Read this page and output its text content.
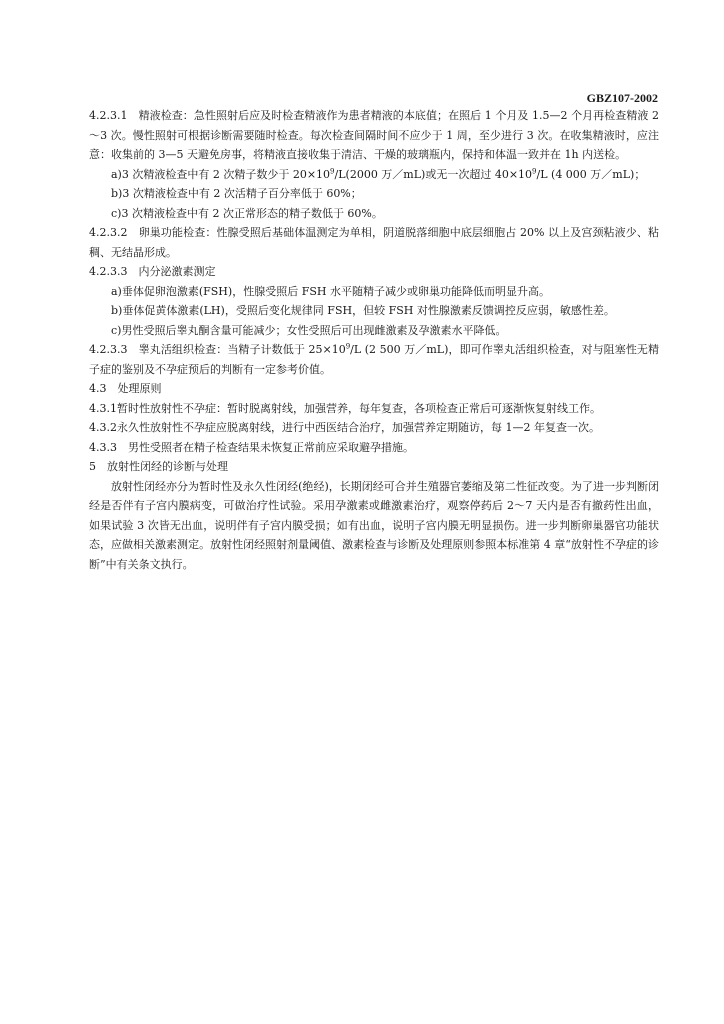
GBZ107-2002

4.2.3.1　精液检查：急性照射后应及时检查精液作为患者精液的本底值；在照后 1 个月及 1.5—2 个月再检查精液 2～3 次。慢性照射可根据诊断需要随时检查。每次检查间隔时间不应少于 1 周，至少进行 3 次。在收集精液时，应注意：收集前的 3—5 天避免房事，将精液直接收集于清洁、干燥的玻璃瓶内，保持和体温一致并在 1h 内送检。

a)3 次精液检查中有 2 次精子数少于 $20\times 10^9/L(2000$ 万／mL)或无一次超过 $40\times 10^9/L$ (4 000 万／mL)；

b)3 次精液检查中有 2 次活精子百分率低于 60%；

c)3 次精液检查中有 2 次正常形态的精子数低于 60%。

4.2.3.2　卵巢功能检查：性腺受照后基础体温测定为单相，阴道脱落细胞中底层细胞占 20% 以上及宫颈粘液少、粘稠、无结晶形成。

4.2.3.3　内分泌激素测定

a)垂体促卵泡激素(FSH)，性腺受照后 FSH 水平随精子减少或卵巢功能降低而明显升高。

b)垂体促黄体激素(LH)，受照后变化规律同 FSH，但较 FSH 对性腺激素反馈调控反应弱，敏感性差。

c)男性受照后睾丸酮含量可能减少；女性受照后可出现雌激素及孕激素水平降低。

4.2.3.3　睾丸活组织检查：当精子计数低于 $25\times 10^9/L$ (2 500 万／mL)，即可作睾丸活组织检查，对与阻塞性无精子症的鉴别及不孕症预后的判断有一定参考价值。

4.3　处理原则

4.3.1暂时性放射性不孕症：暂时脱离射线，加强营养，每年复查，各项检查正常后可逐渐恢复射线工作。

4.3.2永久性放射性不孕症应脱离射线，进行中西医结合治疗，加强营养定期随访，每 1—2 年复查一次。

4.3.3　男性受照者在精子检查结果未恢复正常前应采取避孕措施。

5　放射性闭经的诊断与处理

放射性闭经亦分为暂时性及永久性闭经(绝经)，长期闭经可合并生殖器官萎缩及第二性征改变。为了进一步判断闭经是否伴有子宫内膜病变，可做治疗性试验。采用孕激素或雌激素治疗，观察停药后 2～7 天内是否有撤药性出血，如果试验 3 次皆无出血，说明伴有子宫内膜受损；如有出血，说明子宫内膜无明显损伤。进一步判断卵巢器官功能状态，应做相关激素测定。放射性闭经照射剂量阈值、激素检查与诊断及处理原则参照本标准第 4 章“放射性不孕症的诊断”中有关条文执行。
